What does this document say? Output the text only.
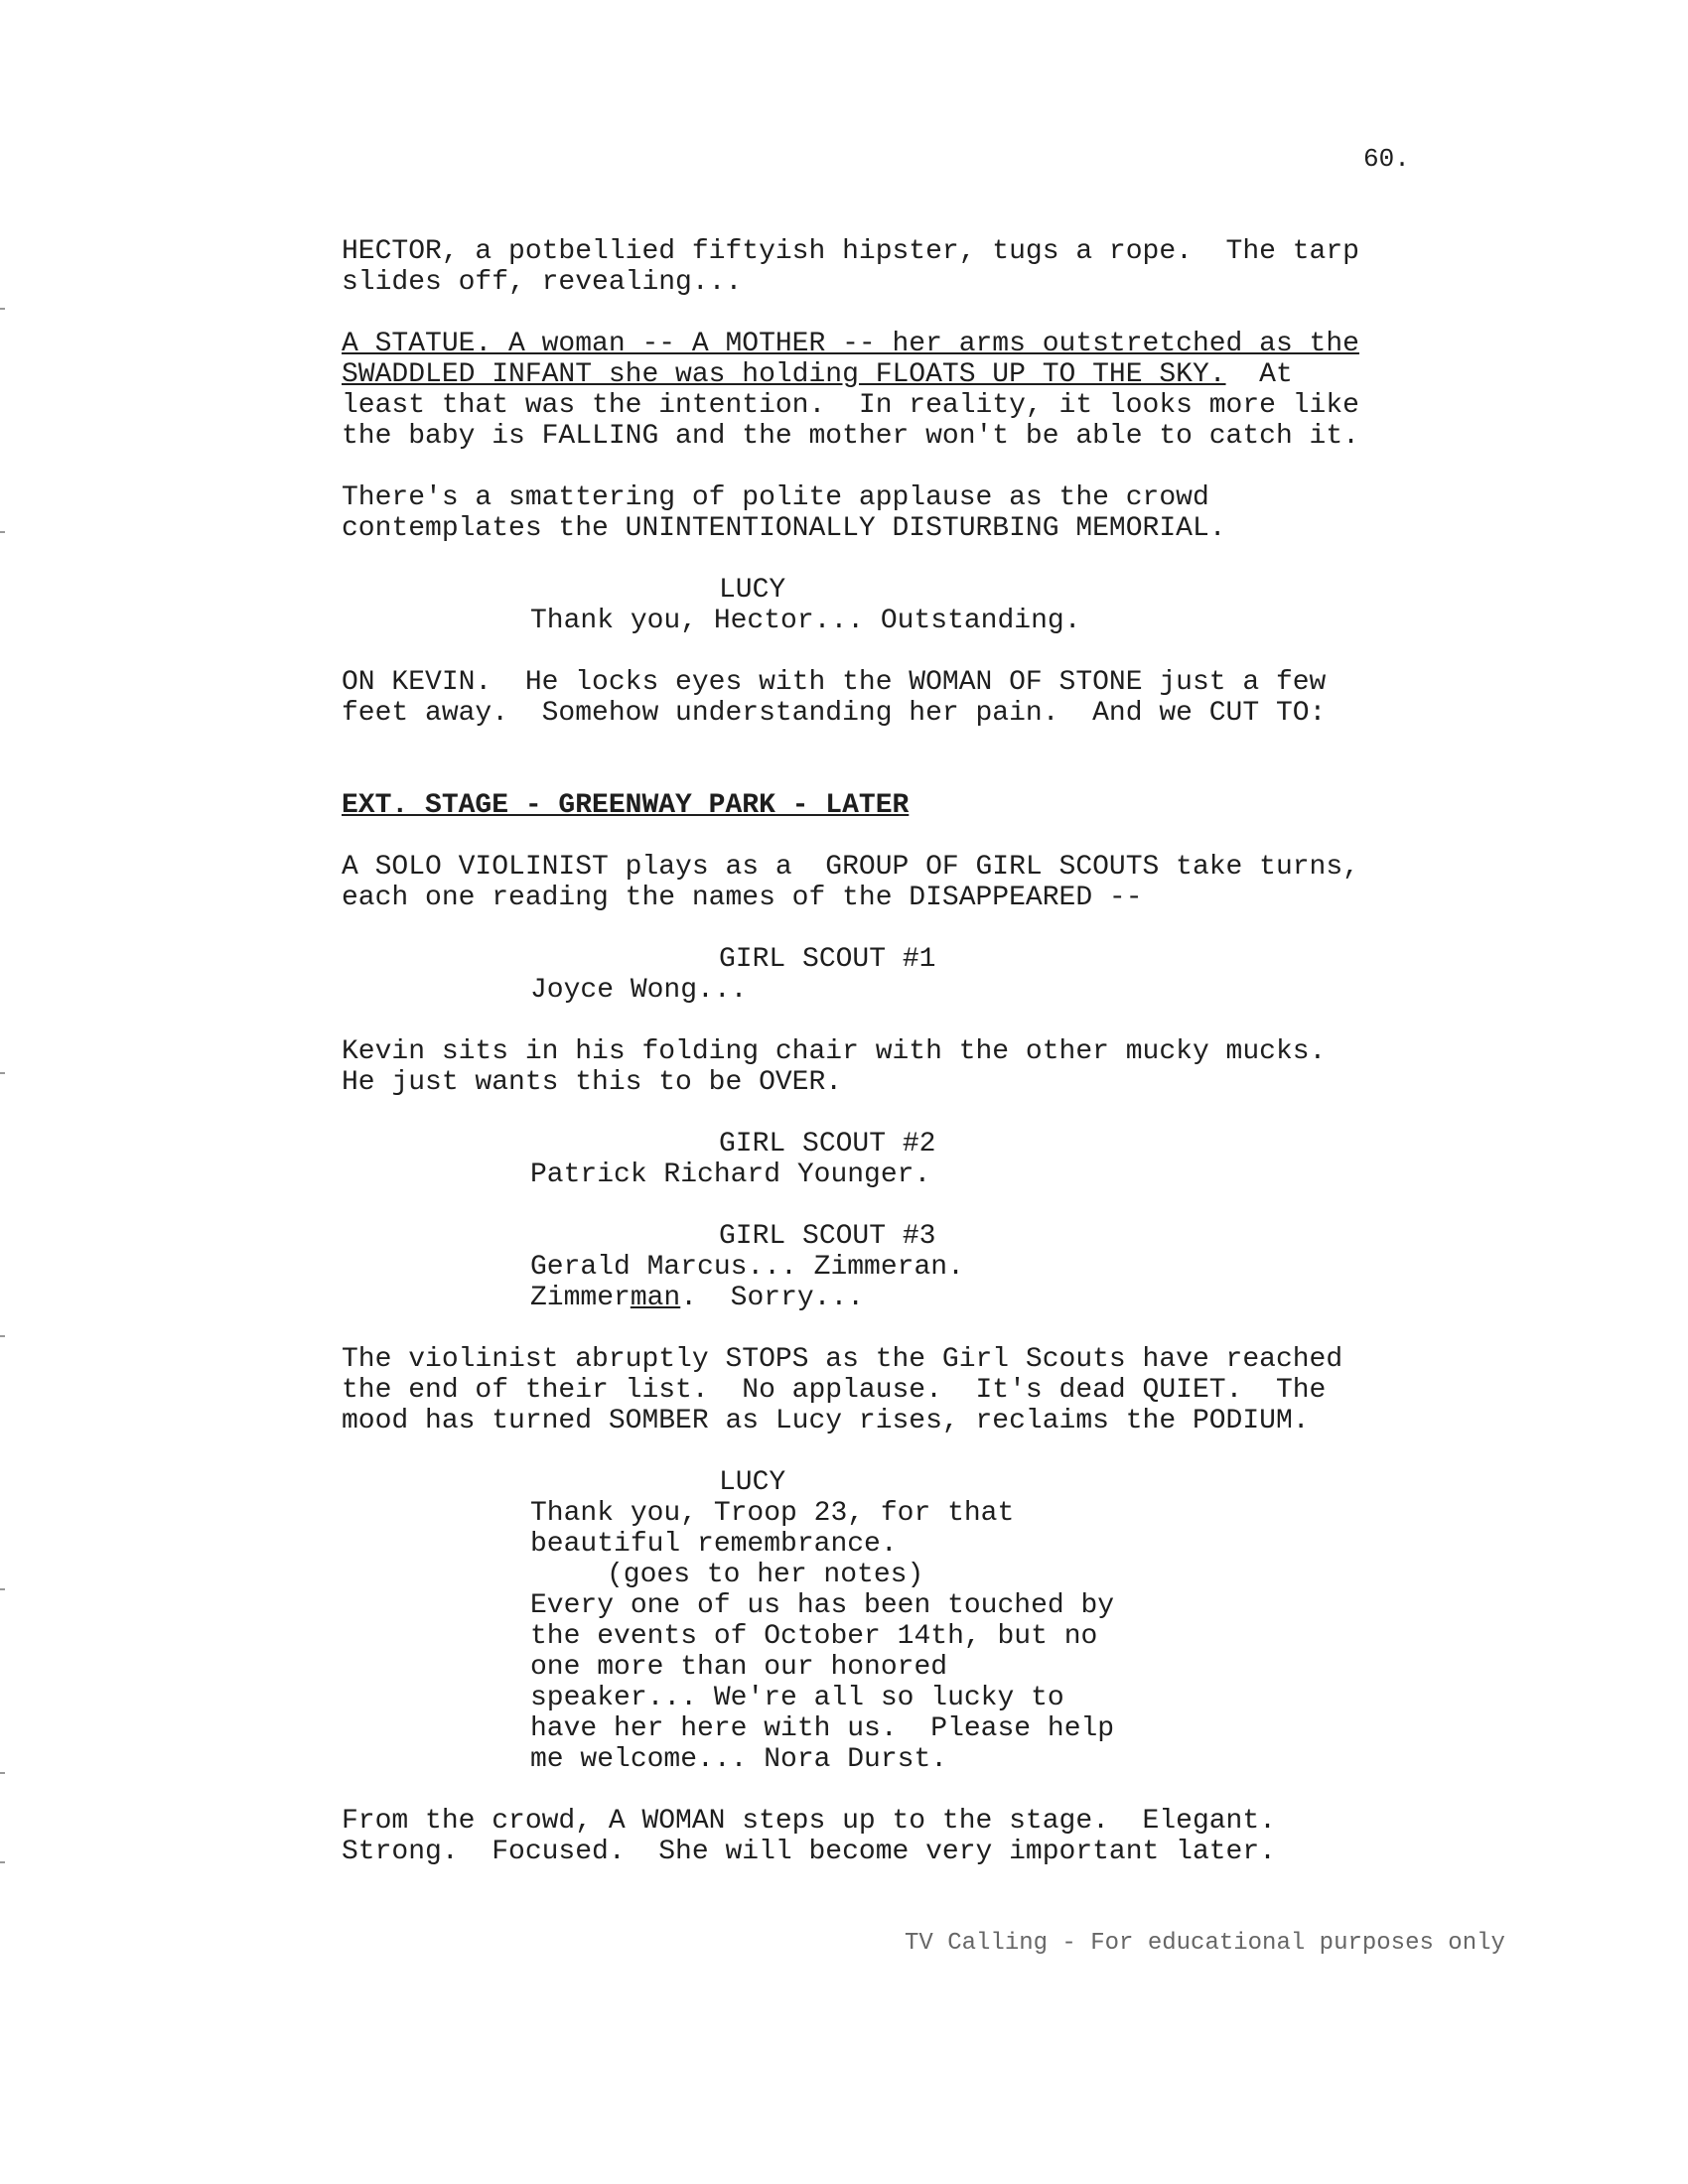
60.
HECTOR, a potbellied fiftyish hipster, tugs a rope.  The tarp
slides off, revealing...
A STATUE. A woman -- A MOTHER -- her arms outstretched as the
SWADDLED INFANT she was holding FLOATS UP TO THE SKY.  At
least that was the intention.  In reality, it looks more like
the baby is FALLING and the mother won't be able to catch it.
There's a smattering of polite applause as the crowd
contemplates the UNINTENTIONALLY DISTURBING MEMORIAL.
LUCY
Thank you, Hector... Outstanding.
ON KEVIN.  He locks eyes with the WOMAN OF STONE just a few
feet away.  Somehow understanding her pain.  And we CUT TO:
EXT. STAGE - GREENWAY PARK - LATER
A SOLO VIOLINIST plays as a  GROUP OF GIRL SCOUTS take turns,
each one reading the names of the DISAPPEARED --
GIRL SCOUT #1
Joyce Wong...
Kevin sits in his folding chair with the other mucky mucks.
He just wants this to be OVER.
GIRL SCOUT #2
Patrick Richard Younger.
GIRL SCOUT #3
Gerald Marcus... Zimmeran.
Zimmerman.  Sorry...
The violinist abruptly STOPS as the Girl Scouts have reached
the end of their list.  No applause.  It's dead QUIET.  The
mood has turned SOMBER as Lucy rises, reclaims the PODIUM.
LUCY
Thank you, Troop 23, for that
beautiful remembrance.
(goes to her notes)
Every one of us has been touched by
the events of October 14th, but no
one more than our honored
speaker... We're all so lucky to
have her here with us.  Please help
me welcome... Nora Durst.
From the crowd, A WOMAN steps up to the stage.  Elegant.
Strong.  Focused.  She will become very important later.
TV Calling - For educational purposes only
